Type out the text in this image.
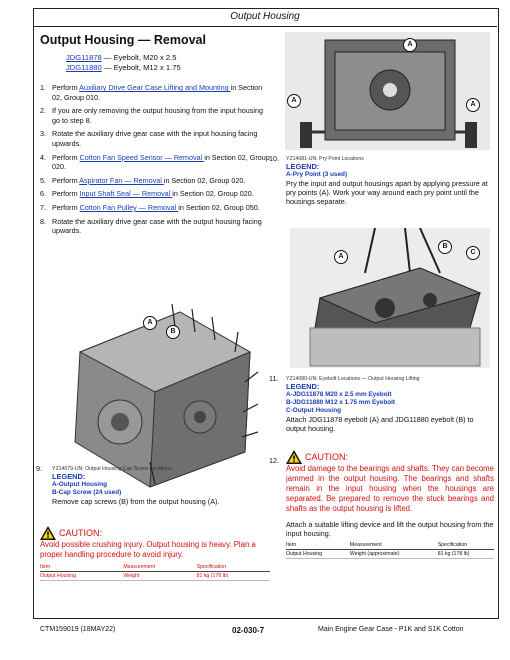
Output Housing
Output Housing — Removal
JDG11878 — Eyebolt, M20 x 2.5
JDG11880 — Eyebolt, M12 x 1.75
1. Perform Auxiliary Drive Gear Case Lifting and Mounting in Section 02, Group 010.
2. If you are only removing the output housing from the input housing go to step 8.
3. Rotate the auxiliary drive gear case with the input housing facing upwards.
4. Perform Cotton Fan Speed Sensor — Removal in Section 02, Group 020.
5. Perform Aspirator Fan — Removal in Section 02, Group 020.
6. Perform Input Shaft Seal — Removal in Section 02, Group 020.
7. Perform Cotton Fan Pulley — Removal in Section 02, Group 050.
8. Rotate the auxiliary drive gear case with the output housing facing upwards.
A
B
9. YZ14079-UN: Output Housing Cap Screw Locations
LEGEND:
A-Output Housing
B-Cap Screw (24 used)
Remove cap screws (B) from the output housing (A).
CAUTION:
Avoid possible crushing injury. Output housing is heavy. Plan a proper handling procedure to avoid injury.
Item	Measurement	Specification
Output Housing	Weight	81 kg (178 lb)
A
A
A
10. YZ14081-UN: Pry Point Locations
LEGEND:
A-Pry Point (3 used)
Pry the input and output housings apart by applying pressure at pry points (A). Work your way around each pry point until the housings separate.
A
B
C
11. YZ14080-UN: Eyebolt Locations — Output Housing Lifting
LEGEND:
A-JDG11878 M20 x 2.5 mm Eyebolt
B-JDG11880 M12 x 1.75 mm Eyebolt
C-Output Housing
Attach JDG11878 eyebolt (A) and JDG11880 eyebolt (B) to output housing.
12.	CAUTION:
Avoid damage to the bearings and shafts. They can become jammed in the output housing. The bearings and shafts remain in the input housing when the housings are separated. Be prepared to remove the stuck bearings and shafts as the output housing is lifted.
Attach a suitable lifting device and lift the output housing from the input housing.
Item	Measurement	Specification
Output Housing	Weight (approximate)	81 kg (178 lb)
CTM159019 (18MAY22)	02-030-7	Main Engine Gear Case - P1K and S1K Cotton
